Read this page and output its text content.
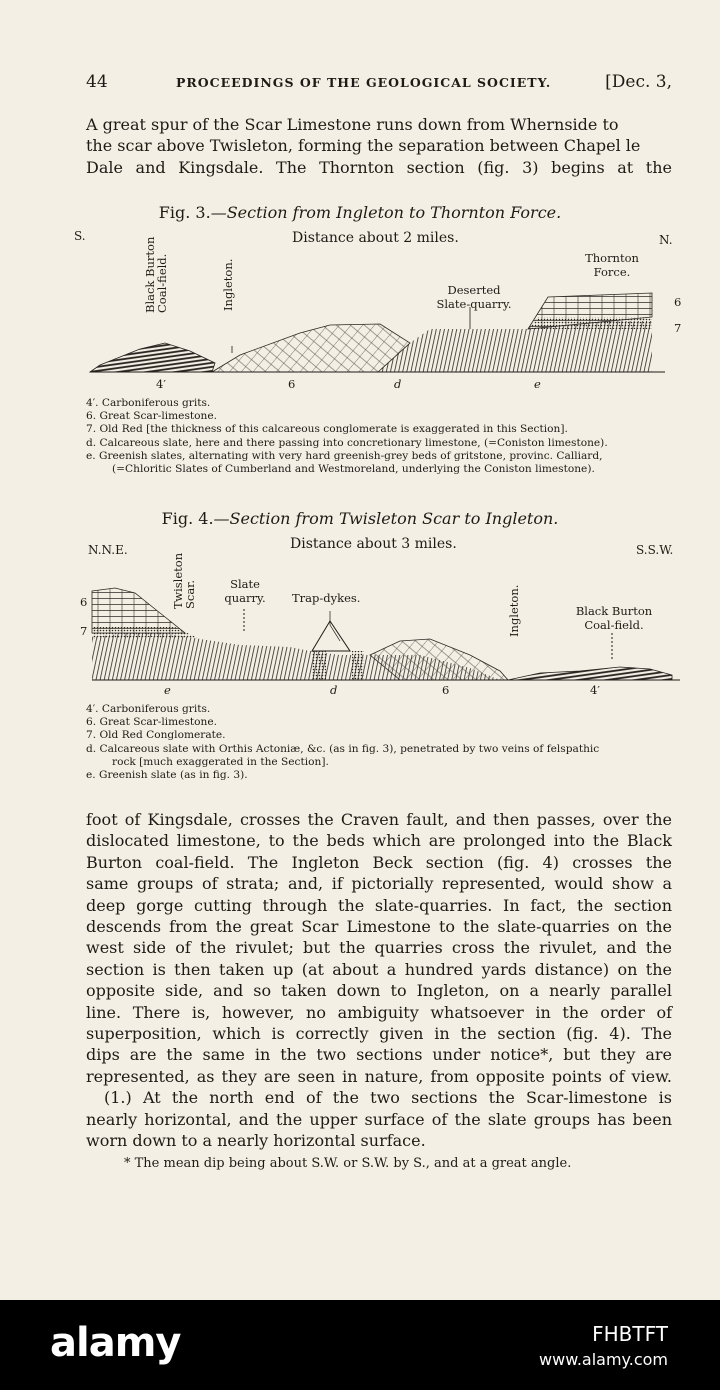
44	PROCEEDINGS OF THE GEOLOGICAL SOCIETY.	[Dec. 3,
A great spur of the Scar Limestone runs down from Whernside to
the scar above Twisleton, forming the separation between Chapel le
Dale and Kingsdale. The Thornton section (fig. 3) begins at the
Fig. 3.—Section from Ingleton to Thornton Force.
S.	N.
Distance about 2 miles.
Black Burton Coal-field.	Ingleton.	Deserted Slate-quarry.
Thornton Force.
6
7
4′	6	d	e
4′. Carboniferous grits.
6. Great Scar-limestone.
7. Old Red [the thickness of this calcareous conglomerate is exaggerated in this Section].
d. Calcareous slate, here and there passing into concretionary limestone, (=Coniston limestone).
e. Greenish slates, alternating with very hard greenish-grey beds of gritstone, provinc. Calliard,
(=Chloritic Slates of Cumberland and Westmoreland, underlying the Coniston limestone).
Fig. 4.—Section from Twisleton Scar to Ingleton.
N.N.E.	S.S.W.
Distance about 3 miles.
Twisleton Scar.	Slate quarry. Trap-dykes.	Ingleton.	Black Burton Coal-field.
6
7
e	d	6	4′
4′. Carboniferous grits.
6. Great Scar-limestone.
7. Old Red Conglomerate.
d. Calcareous slate with Orthis Actoniæ, &c. (as in fig. 3), penetrated by two veins of felspathic
rock [much exaggerated in the Section].
e. Greenish slate (as in fig. 3).
foot of Kingsdale, crosses the Craven fault, and then passes, over the
dislocated limestone, to the beds which are prolonged into the Black
Burton coal-field. The Ingleton Beck section (fig. 4) crosses the
same groups of strata; and, if pictorially represented, would show a
deep gorge cutting through the slate-quarries. In fact, the section
descends from the great Scar Limestone to the slate-quarries on the
west side of the rivulet; but the quarries cross the rivulet, and the
section is then taken up (at about a hundred yards distance) on the
opposite side, and so taken down to Ingleton, on a nearly parallel
line. There is, however, no ambiguity whatsoever in the order of
superposition, which is correctly given in the section (fig. 4). The
dips are the same in the two sections under notice*, but they are
represented, as they are seen in nature, from opposite points of view.
(1.) At the north end of the two sections the Scar-limestone is
nearly horizontal, and the upper surface of the slate groups has been
worn down to a nearly horizontal surface.
* The mean dip being about S.W. or S.W. by S., and at a great angle.
alamy	FHBTFT
www.alamy.com
